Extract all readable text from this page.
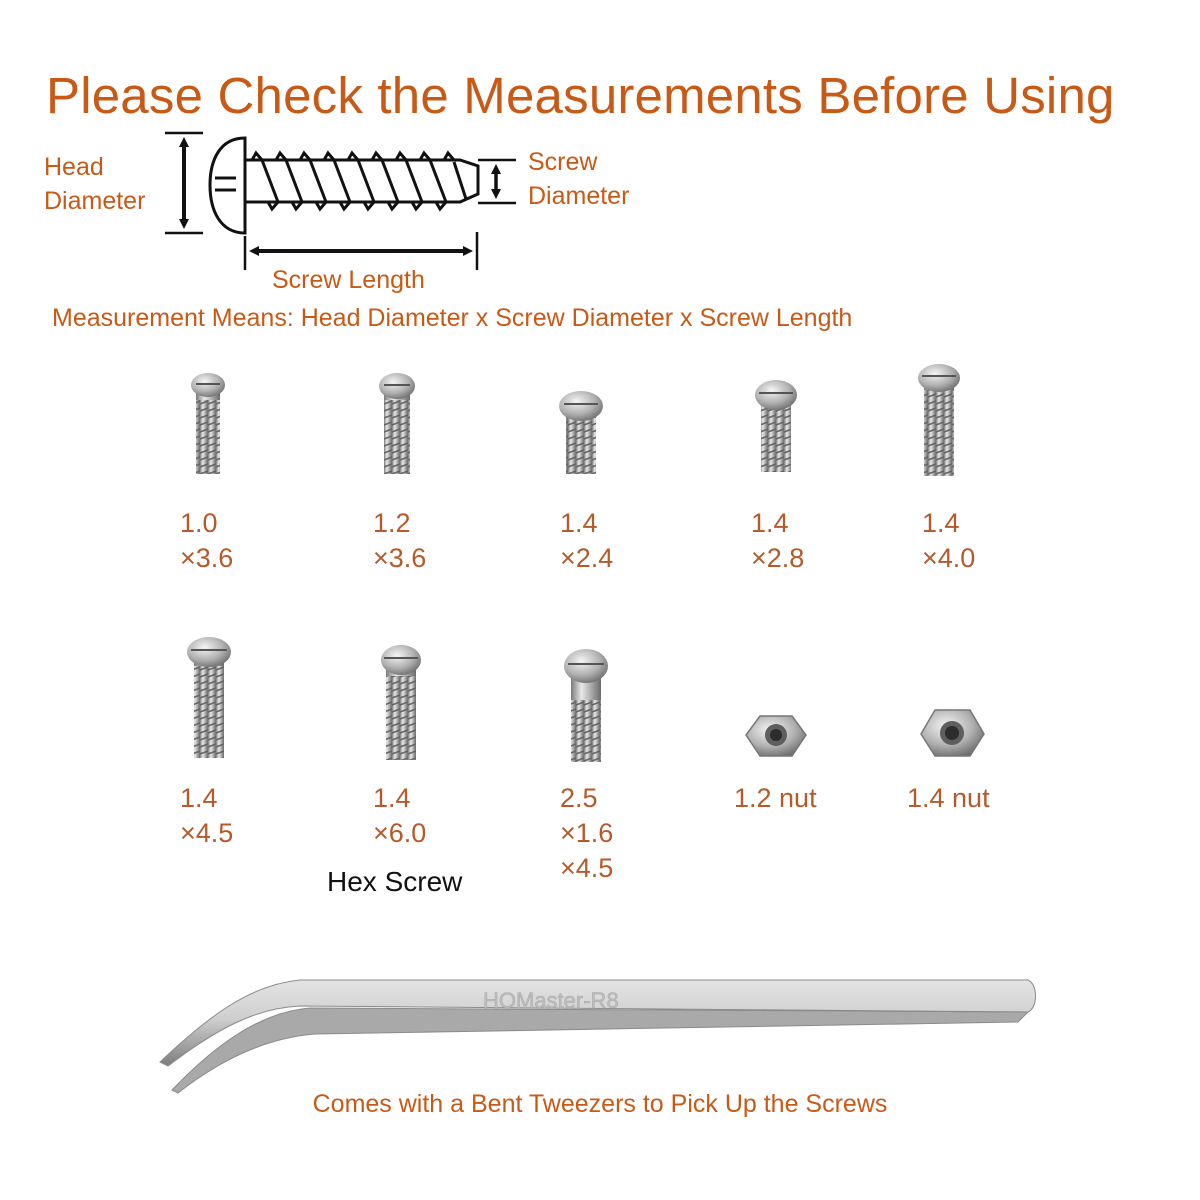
Please Check the Measurements Before Using
Head
Diameter
Screw
Diameter
Screw Length
Measurement Means: Head Diameter x Screw Diameter x Screw Length
1.0
×3.6
1.2
×3.6
1.4
×2.4
1.4
×2.8
1.4
×4.0
1.4
×4.5
1.4
×6.0
2.5
×1.6
×4.5
1.2 nut	1.4 nut
Hex Screw
HOMaster-R8
Comes with a Bent Tweezers to Pick Up the Screws
